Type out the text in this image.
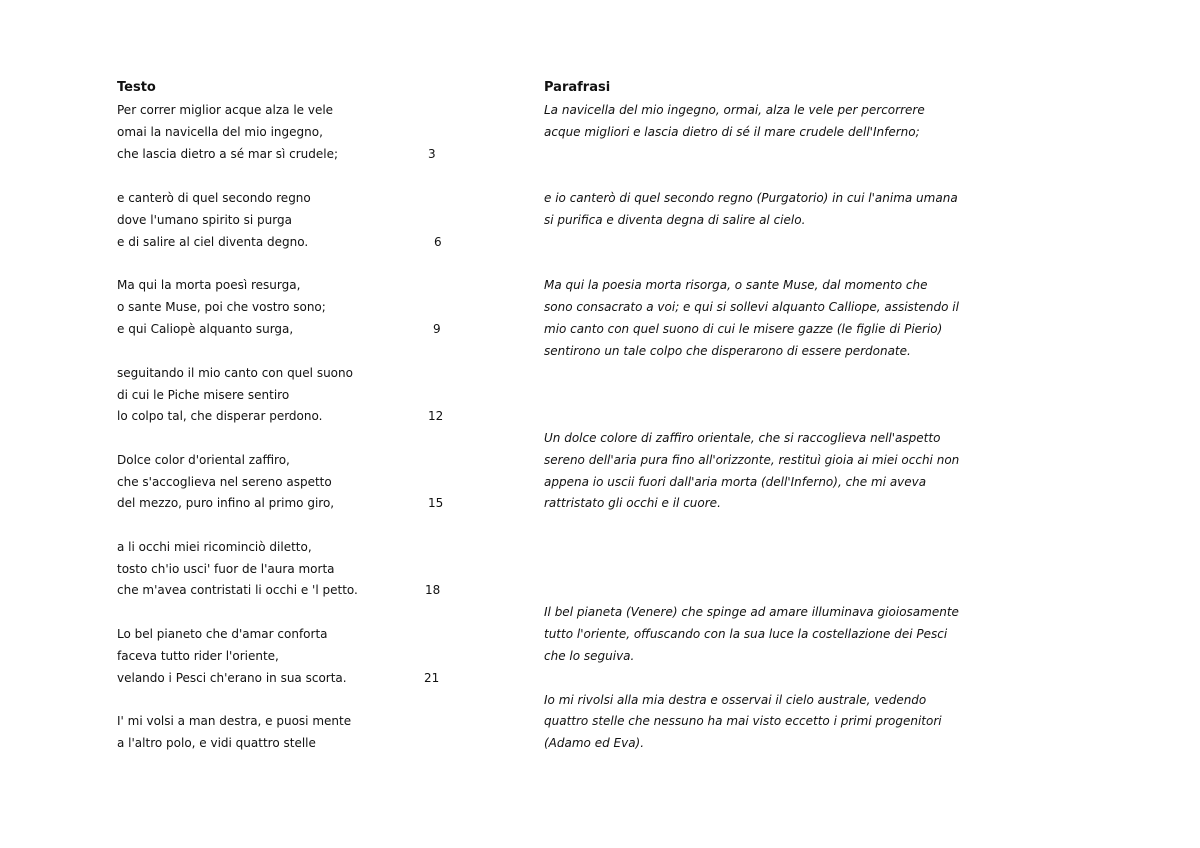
Testo
Per correr miglior acque alza le vele
omai la navicella del mio ingegno,
che lascia dietro a sé mar sì crudele;	3
e canterò di quel secondo regno
dove l'umano spirito si purga
e di salire al ciel diventa degno.	6
Ma qui la morta poesì resurga,
o sante Muse, poi che vostro sono;
e qui Caliopè alquanto surga,	9
seguitando il mio canto con quel suono
di cui le Piche misere sentiro
lo colpo tal, che disperar perdono.	12
Dolce color d'oriental zaffiro,
che s'accoglieva nel sereno aspetto
del mezzo, puro infino al primo giro,	15
a li occhi miei ricominciò diletto,
tosto ch'io usci' fuor de l'aura morta
che m'avea contristati li occhi e 'l petto.	18
Lo bel pianeto che d'amar conforta
faceva tutto rider l'oriente,
velando i Pesci ch'erano in sua scorta.	21
I' mi volsi a man destra, e puosi mente
a l'altro polo, e vidi quattro stelle
Parafrasi
La navicella del mio ingegno, ormai, alza le vele per percorrere
acque migliori e lascia dietro di sé il mare crudele dell'Inferno;
e io canterò di quel secondo regno (Purgatorio) in cui l'anima umana
si purifica e diventa degna di salire al cielo.
Ma qui la poesia morta risorga, o sante Muse, dal momento che
sono consacrato a voi; e qui si sollevi alquanto Calliope, assistendo il
mio canto con quel suono di cui le misere gazze (le figlie di Pierio)
sentirono un tale colpo che disperarono di essere perdonate.
Un dolce colore di zaffiro orientale, che si raccoglieva nell'aspetto
sereno dell'aria pura fino all'orizzonte, restituì gioia ai miei occhi non
appena io uscii fuori dall'aria morta (dell'Inferno), che mi aveva
rattristato gli occhi e il cuore.
Il bel pianeta (Venere) che spinge ad amare illuminava gioiosamente
tutto l'oriente, offuscando con la sua luce la costellazione dei Pesci
che lo seguiva.
Io mi rivolsi alla mia destra e osservai il cielo australe, vedendo
quattro stelle che nessuno ha mai visto eccetto i primi progenitori
(Adamo ed Eva).
